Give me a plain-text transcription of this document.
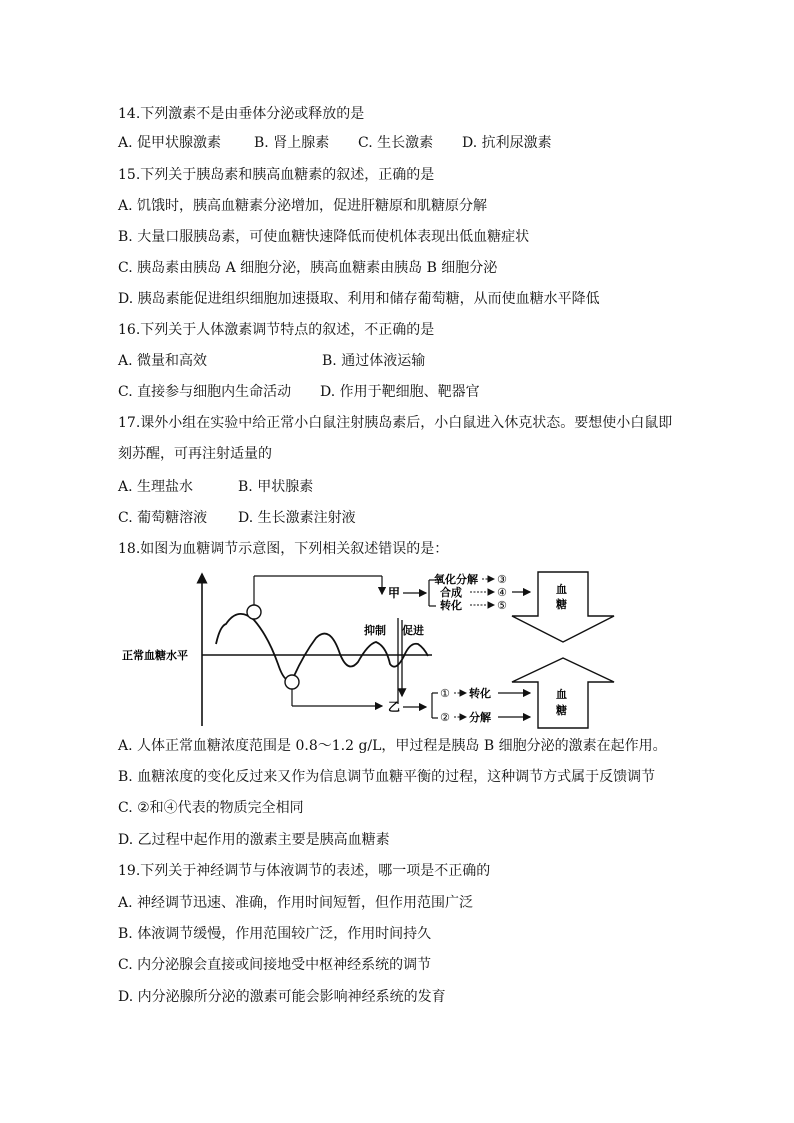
14.下列激素不是由垂体分泌或释放的是
A. 促甲状腺激素 B. 肾上腺素 C. 生长激素 D. 抗利尿激素
15.下列关于胰岛素和胰高血糖素的叙述，正确的是
A. 饥饿时，胰高血糖素分泌增加，促进肝糖原和肌糖原分解
B. 大量口服胰岛素，可使血糖快速降低而使机体表现出低血糖症状
C. 胰岛素由胰岛 A 细胞分泌，胰高血糖素由胰岛 B 细胞分泌
D. 胰岛素能促进组织细胞加速摄取、利用和储存葡萄糖，从而使血糖水平降低
16.下列关于人体激素调节特点的叙述，不正确的是
A. 微量和高效	B. 通过体液运输
C. 直接参与细胞内生命活动 D. 作用于靶细胞、靶器官
17.课外小组在实验中给正常小白鼠注射胰岛素后，小白鼠进入休克状态。要想使小白鼠即
刻苏醒，可再注射适量的
A. 生理盐水	B. 甲状腺素
C. 葡萄糖溶液 D. 生长激素注射液
18.如图为血糖调节示意图，下列相关叙述错误的是：
正常血糖水平
甲
氧化分解
合成
转化
③
④
⑤
乙
①
②
转化
分解
抑制 促进
血
糖
血
糖
A. 人体正常血糖浓度范围是 0.8～1.2 g/L，甲过程是胰岛 B 细胞分泌的激素在起作用。
B. 血糖浓度的变化反过来又作为信息调节血糖平衡的过程，这种调节方式属于反馈调节
C. ②和④代表的物质完全相同
D. 乙过程中起作用的激素主要是胰高血糖素
19.下列关于神经调节与体液调节的表述，哪一项是不正确的
A. 神经调节迅速、准确，作用时间短暂，但作用范围广泛
B. 体液调节缓慢，作用范围较广泛，作用时间持久
C. 内分泌腺会直接或间接地受中枢神经系统的调节
D. 内分泌腺所分泌的激素可能会影响神经系统的发育
